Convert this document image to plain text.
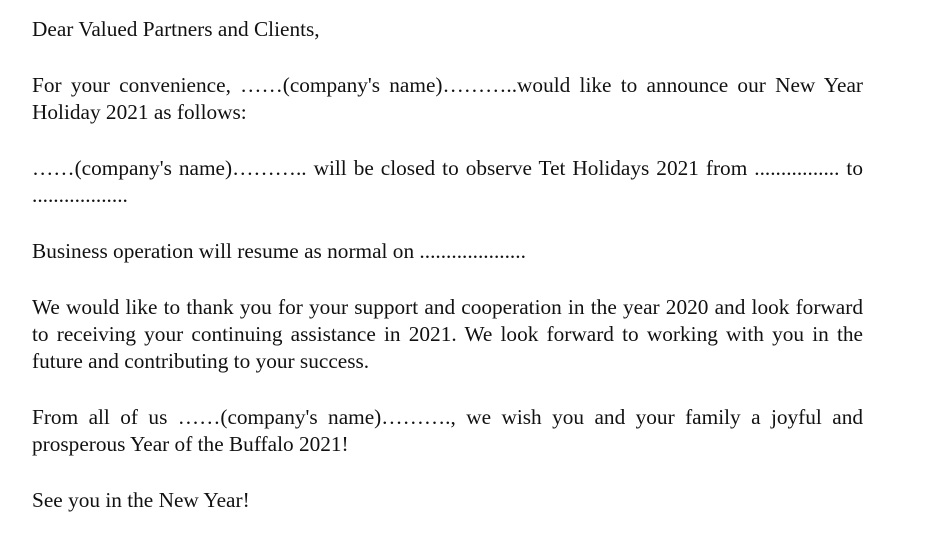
Dear Valued Partners and Clients,

For your convenience, ……(company's name)………..would like to announce our New Year Holiday 2021 as follows:

……(company's name)……….. will be closed to observe Tet Holidays 2021 from ................ to ..................

Business operation will resume as normal on ....................

We would like to thank you for your support and cooperation in the year 2020 and look forward to receiving your continuing assistance in 2021. We look forward to working with you in the future and contributing to your success.

From all of us ……(company's name)………., we wish you and your family a joyful and prosperous Year of the Buffalo 2021!

See you in the New Year!
